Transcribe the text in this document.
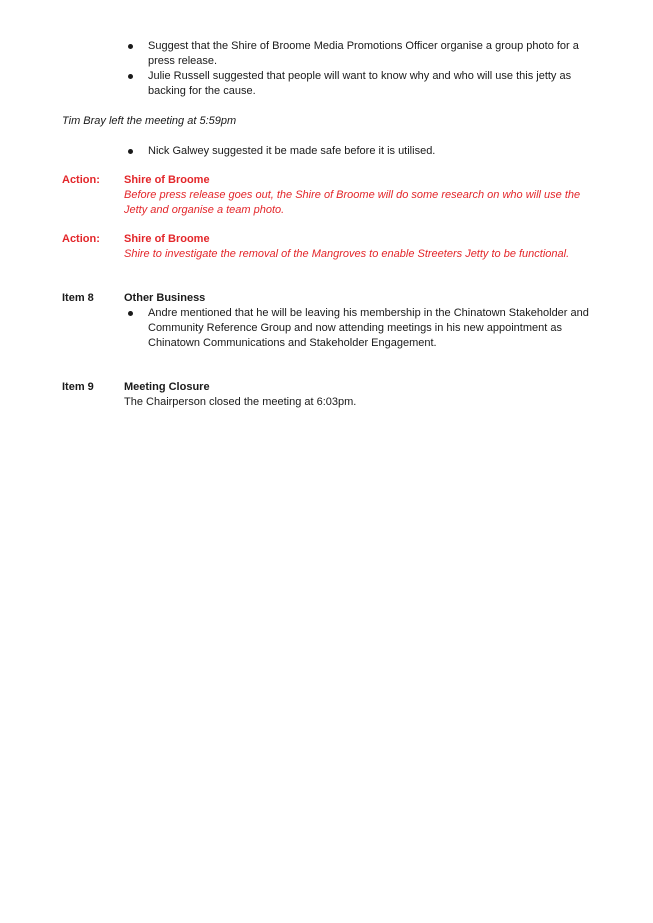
Suggest that the Shire of Broome Media Promotions Officer organise a group photo for a press release.
Julie Russell suggested that people will want to know why and who will use this jetty as backing for the cause.
Tim Bray left the meeting at 5:59pm
Nick Galwey suggested it be made safe before it is utilised.
Action: Shire of Broome
Before press release goes out, the Shire of Broome will do some research on who will use the Jetty and organise a team photo.
Action: Shire of Broome
Shire to investigate the removal of the Mangroves to enable Streeters Jetty to be functional.
Item 8	Other Business
Andre mentioned that he will be leaving his membership in the Chinatown Stakeholder and Community Reference Group and now attending meetings in his new appointment as Chinatown Communications and Stakeholder Engagement.
Item 9	Meeting Closure
The Chairperson closed the meeting at 6:03pm.
